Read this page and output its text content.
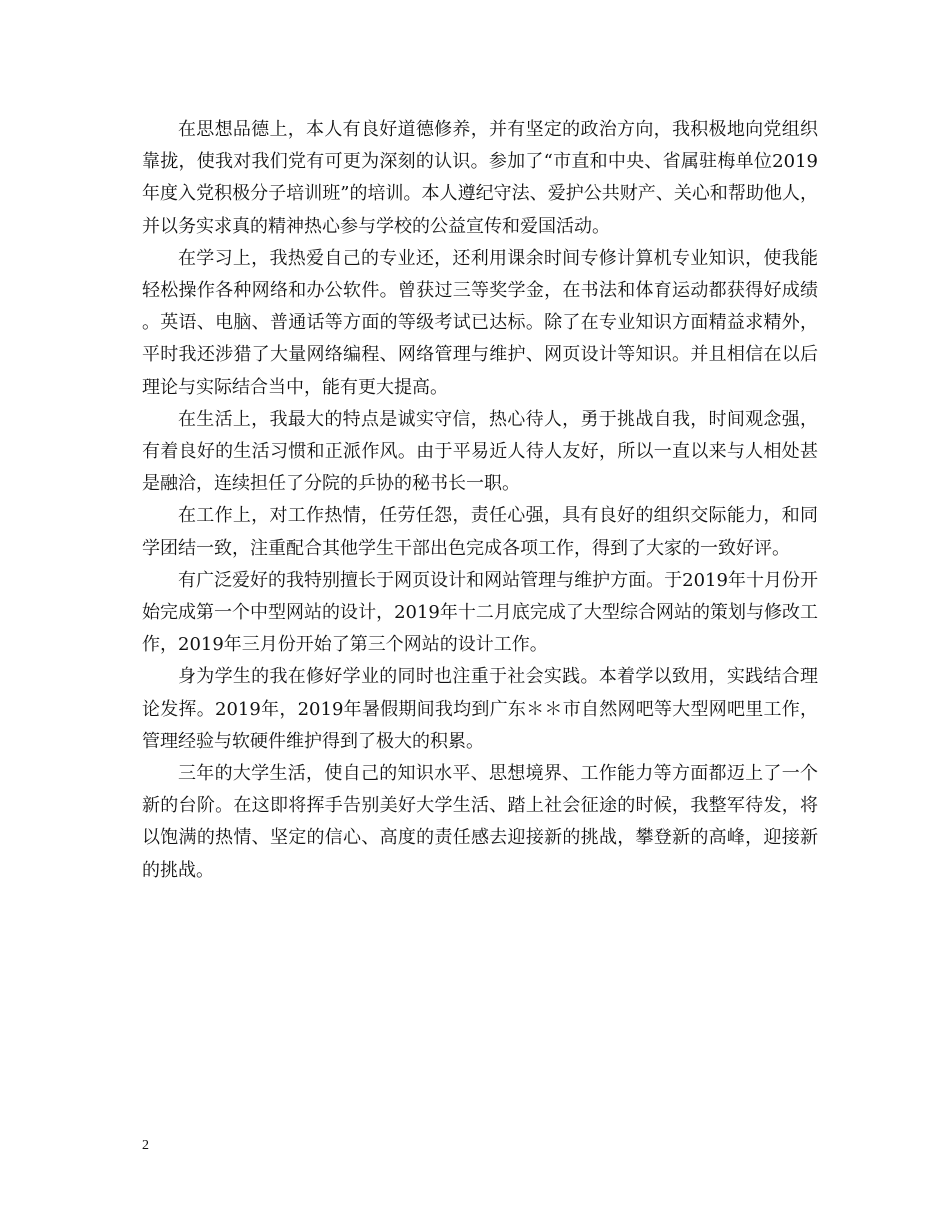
在思想品德上，本人有良好道德修养，并有坚定的政治方向，我积极地向党组织靠拢，使我对我们党有可更为深刻的认识。参加了“市直和中央、省属驻梅单位2019年度入党积极分子培训班”的培训。本人遵纪守法、爱护公共财产、关心和帮助他人，并以务实求真的精神热心参与学校的公益宣传和爱国活动。

在学习上，我热爱自己的专业还，还利用课余时间专修计算机专业知识，使我能轻松操作各种网络和办公软件。曾获过三等奖学金，在书法和体育运动都获得好成绩。英语、电脑、普通话等方面的等级考试已达标。除了在专业知识方面精益求精外，平时我还涉猎了大量网络编程、网络管理与维护、网页设计等知识。并且相信在以后理论与实际结合当中，能有更大提高。

在生活上，我最大的特点是诚实守信，热心待人，勇于挑战自我，时间观念强，有着良好的生活习惯和正派作风。由于平易近人待人友好，所以一直以来与人相处甚是融洽，连续担任了分院的乒协的秘书长一职。

在工作上，对工作热情，任劳任怨，责任心强，具有良好的组织交际能力，和同学团结一致，注重配合其他学生干部出色完成各项工作，得到了大家的一致好评。

有广泛爱好的我特别擅长于网页设计和网站管理与维护方面。于2019年十月份开始完成第一个中型网站的设计，2019年十二月底完成了大型综合网站的策划与修改工作，2019年三月份开始了第三个网站的设计工作。

身为学生的我在修好学业的同时也注重于社会实践。本着学以致用，实践结合理论发挥。2019年，2019年暑假期间我均到广东＊＊市自然网吧等大型网吧里工作，管理经验与软硬件维护得到了极大的积累。

三年的大学生活，使自己的知识水平、思想境界、工作能力等方面都迈上了一个新的台阶。在这即将挥手告别美好大学生活、踏上社会征途的时候，我整军待发，将以饱满的热情、坚定的信心、高度的责任感去迎接新的挑战，攀登新的高峰，迎接新的挑战。

2
